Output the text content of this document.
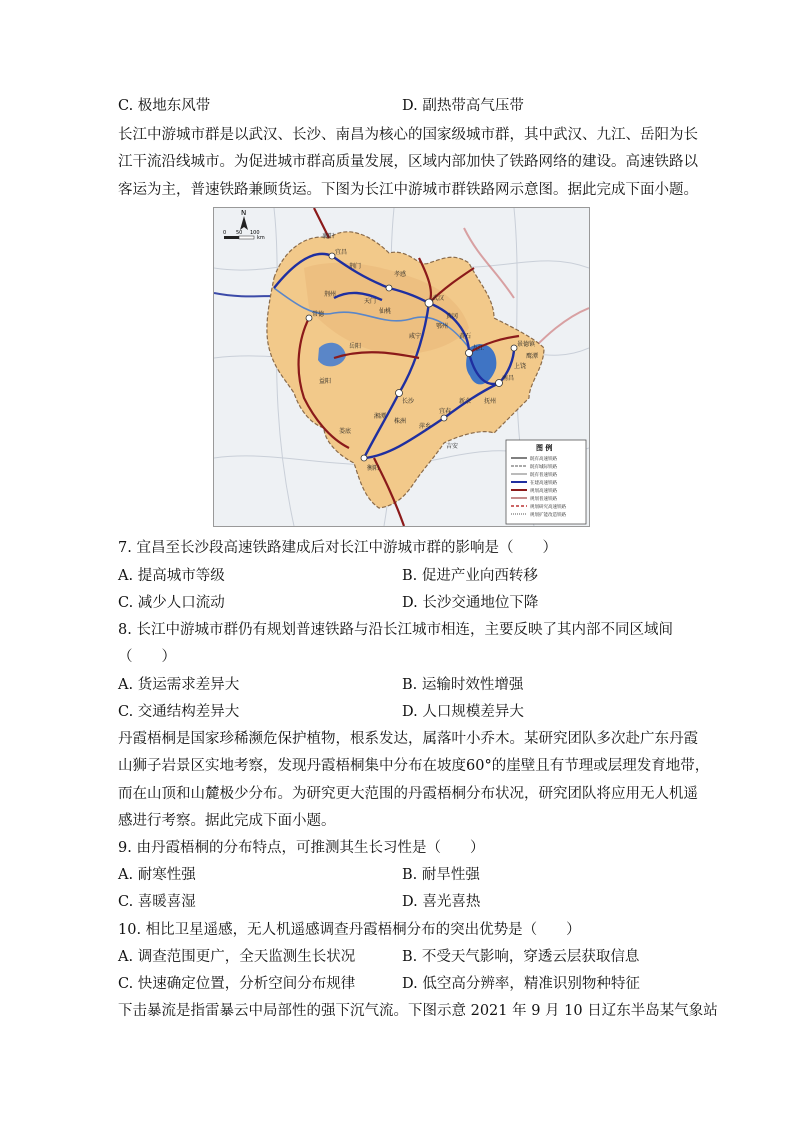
C. 极地东风带	D. 副热带高气压带
长江中游城市群是以武汉、长沙、南昌为核心的国家级城市群，其中武汉、九江、岳阳为长
江干流沿线城市。为促进城市群高质量发展，区域内部加快了铁路网络的建设。高速铁路以
客运为主，普速铁路兼顾货运。下图为长江中游城市群铁路网示意图。据此完成下面小题。
宜昌
荆门
天门
仙桃
武汉
黄冈
鄂州
咸宁
九江
岳阳
长沙
株洲
湘潭
南昌
新余
宜春
萍乡
衡阳
常德
益阳
娄底
黄石
景德镇
上饶
抚州
吉安
襄阳
孝感
荆州
鹰潭
N
0 50 100
km
图 例
既有高速铁路
既有城际铁路
既有普速铁路
在建高速铁路
规划高速铁路
规划普速铁路
规划研究高速铁路
规划扩能改造铁路
7. 宜昌至长沙段高速铁路建成后对长江中游城市群的影响是（　　）
A. 提高城市等级	B. 促进产业向西转移
C. 减少人口流动	D. 长沙交通地位下降
8. 长江中游城市群仍有规划普速铁路与沿长江城市相连，主要反映了其内部不同区域间
（　　）
A. 货运需求差异大	B. 运输时效性增强
C. 交通结构差异大	D. 人口规模差异大
丹霞梧桐是国家珍稀濒危保护植物，根系发达，属落叶小乔木。某研究团队多次赴广东丹霞
山狮子岩景区实地考察，发现丹霞梧桐集中分布在坡度60°的崖壁且有节理或层理发育地带，
而在山顶和山麓极少分布。为研究更大范围的丹霞梧桐分布状况，研究团队将应用无人机遥
感进行考察。据此完成下面小题。
9. 由丹霞梧桐的分布特点，可推测其生长习性是（　　）
A. 耐寒性强	B. 耐旱性强
C. 喜暖喜湿	D. 喜光喜热
10. 相比卫星遥感，无人机遥感调查丹霞梧桐分布的突出优势是（　　）
A. 调查范围更广，全天监测生长状况	B. 不受天气影响，穿透云层获取信息
C. 快速确定位置，分析空间分布规律	D. 低空高分辨率，精准识别物种特征
下击暴流是指雷暴云中局部性的强下沉气流。下图示意 2021 年 9 月 10 日辽东半岛某气象站
